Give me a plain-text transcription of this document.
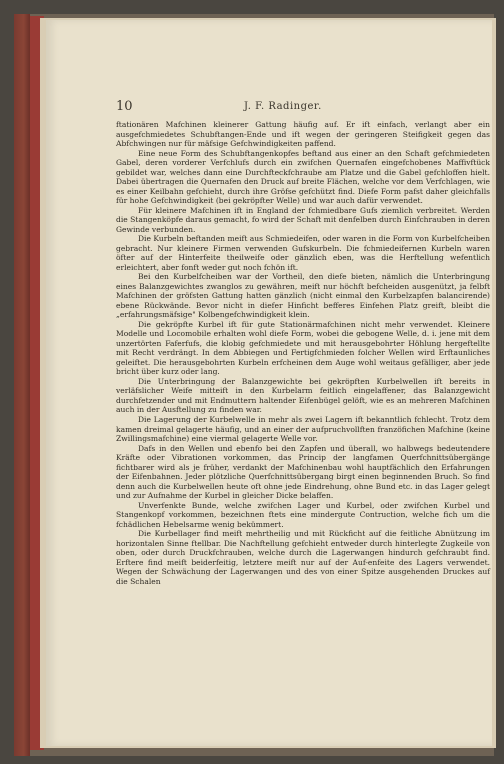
10	J. F. Radinger.

ftationären Mafchinen kleinerer Gattung häufig auf. Er ift einfach, verlangt aber ein ausgefchmiedetes Schubftangen-Ende und ift wegen der geringeren Steifigkeit gegen das Abfchwingen nur für mäfsige Gefchwindigkeiten paffend.

Eine neue Form des Schubftangenkopfes beftand aus einer an den Schaft gefchmiedeten Gabel, deren vorderer Verfchlufs durch ein zwifchen Quernafen eingefchobenes Maffivftück gebildet war, welches dann eine Durchfteckfchraube am Platze und die Gabel gefchloffen hielt. Dabei übertragen die Quernafen den Druck auf breite Flächen, welche vor dem Verfchlagen, wie es einer Keilbahn gefchieht, durch ihre Gröfse gefchützt find. Diefe Form pafst daher gleichfalls für hohe Gefchwindigkeit (bei gekröpfter Welle) und war auch dafür verwendet.

Für kleinere Mafchinen ift in England der fchmiedbare Gufs ziemlich verbreitet. Werden die Stangenköpfe daraus gemacht, fo wird der Schaft mit denfelben durch Einfchrauben in deren Gewinde verbunden.

Die Kurbeln beftanden meift aus Schmiedeifen, oder waren in die Form von Kurbelfcheiben gebracht. Nur kleinere Firmen verwenden Gufskurbeln. Die fchmiedeifernen Kurbeln waren öfter auf der Hinterfeite theilweife oder gänzlich eben, was die Herftellung wefentlich erleichtert, aber fonft weder gut noch fchön ift.

Bei den Kurbelfcheiben war der Vortheil, den diefe bieten, nämlich die Unterbringung eines Balanzgewichtes zwanglos zu gewähren, meift nur höchft befcheiden ausgenützt, ja felbft Mafchinen der gröfsten Gattung hatten gänzlich (nicht einmal den Kurbelzapfen balancirende) ebene Rückwände. Bevor nicht in diefer Hinficht befferes Einfehen Platz greift, bleibt die „erfahrungsmäfsige" Kolbengefchwindigkeit klein.

Die gekröpfte Kurbel ift für gute Stationärmafchinen nicht mehr verwendet. Kleinere Modelle und Locomobile erhalten wohl diefe Form, wobei die gebogene Welle, d. i. jene mit dem unzertörten Faferfufs, die klobig gefchmiedete und mit herausgebohrter Höhlung hergeftellte mit Recht verdrängt. In dem Abbiegen und Fertigfchmieden folcher Wellen wird Erftaunliches geleiftet. Die herausgebohrten Kurbeln erfcheinen dem Auge wohl weitaus gefälliger, aber jede bricht über kurz oder lang.

Die Unterbringung der Balanzgewichte bei gekröpften Kurbelwellen ift bereits in verläfslicher Weife mitteift in den Kurbelarm feitlich eingelaffener, das Balanzgewicht durchfetzender und mit Endmuttern haltender Eifenbügel gelöft, wie es an mehreren Mafchinen auch in der Ausftellung zu finden war.

Die Lagerung der Kurbelwelle in mehr als zwei Lagern ift bekanntlich fchlecht. Trotz dem kamen dreimal gelagerte häufig, und an einer der aufpruchvollften franzöfichen Mafchine (keine Zwillingsmafchine) eine viermal gelagerte Welle vor.

Dafs in den Wellen und ebenfo bei den Zapfen und überall, wo halbwegs bedeutendere Kräfte oder Vibrationen vorkommen, das Princip der langfamen Querfchnittsübergänge fichtbarer wird als je früher, verdankt der Mafchinenbau wohl hauptfächlich den Erfahrungen der Eifenbahnen. Jeder plötzliche Querfchnittsübergang birgt einen beginnenden Bruch. So find denn auch die Kurbelwellen heute oft ohne jede Eindrehung, ohne Bund etc. in das Lager gelegt und zur Aufnahme der Kurbel in gleicher Dicke belaffen.

Unverfenkte Bunde, welche zwifchen Lager und Kurbel, oder zwifchen Kurbel und Stangenkopf vorkommen, bezeichnen ftets eine mindergute Contruction, welche fich um die fchädlichen Hebelsarme wenig bekümmert.

Die Kurbellager find meift mehrtheilig und mit Rückficht auf die feitliche Abnützung im horizontalen Sinne ftellbar. Die Nachftellung gefchieht entweder durch hinterlegte Zugkeile von oben, oder durch Druckfchrauben, welche durch die Lagerwangen hindurch gefchraubt find. Erftere find meift beiderfeitig, letztere meift nur auf der Auf-enfeite des Lagers verwendet. Wegen der Schwächung der Lagerwangen und des von einer Spitze ausgehenden Druckes auf die Schalen
